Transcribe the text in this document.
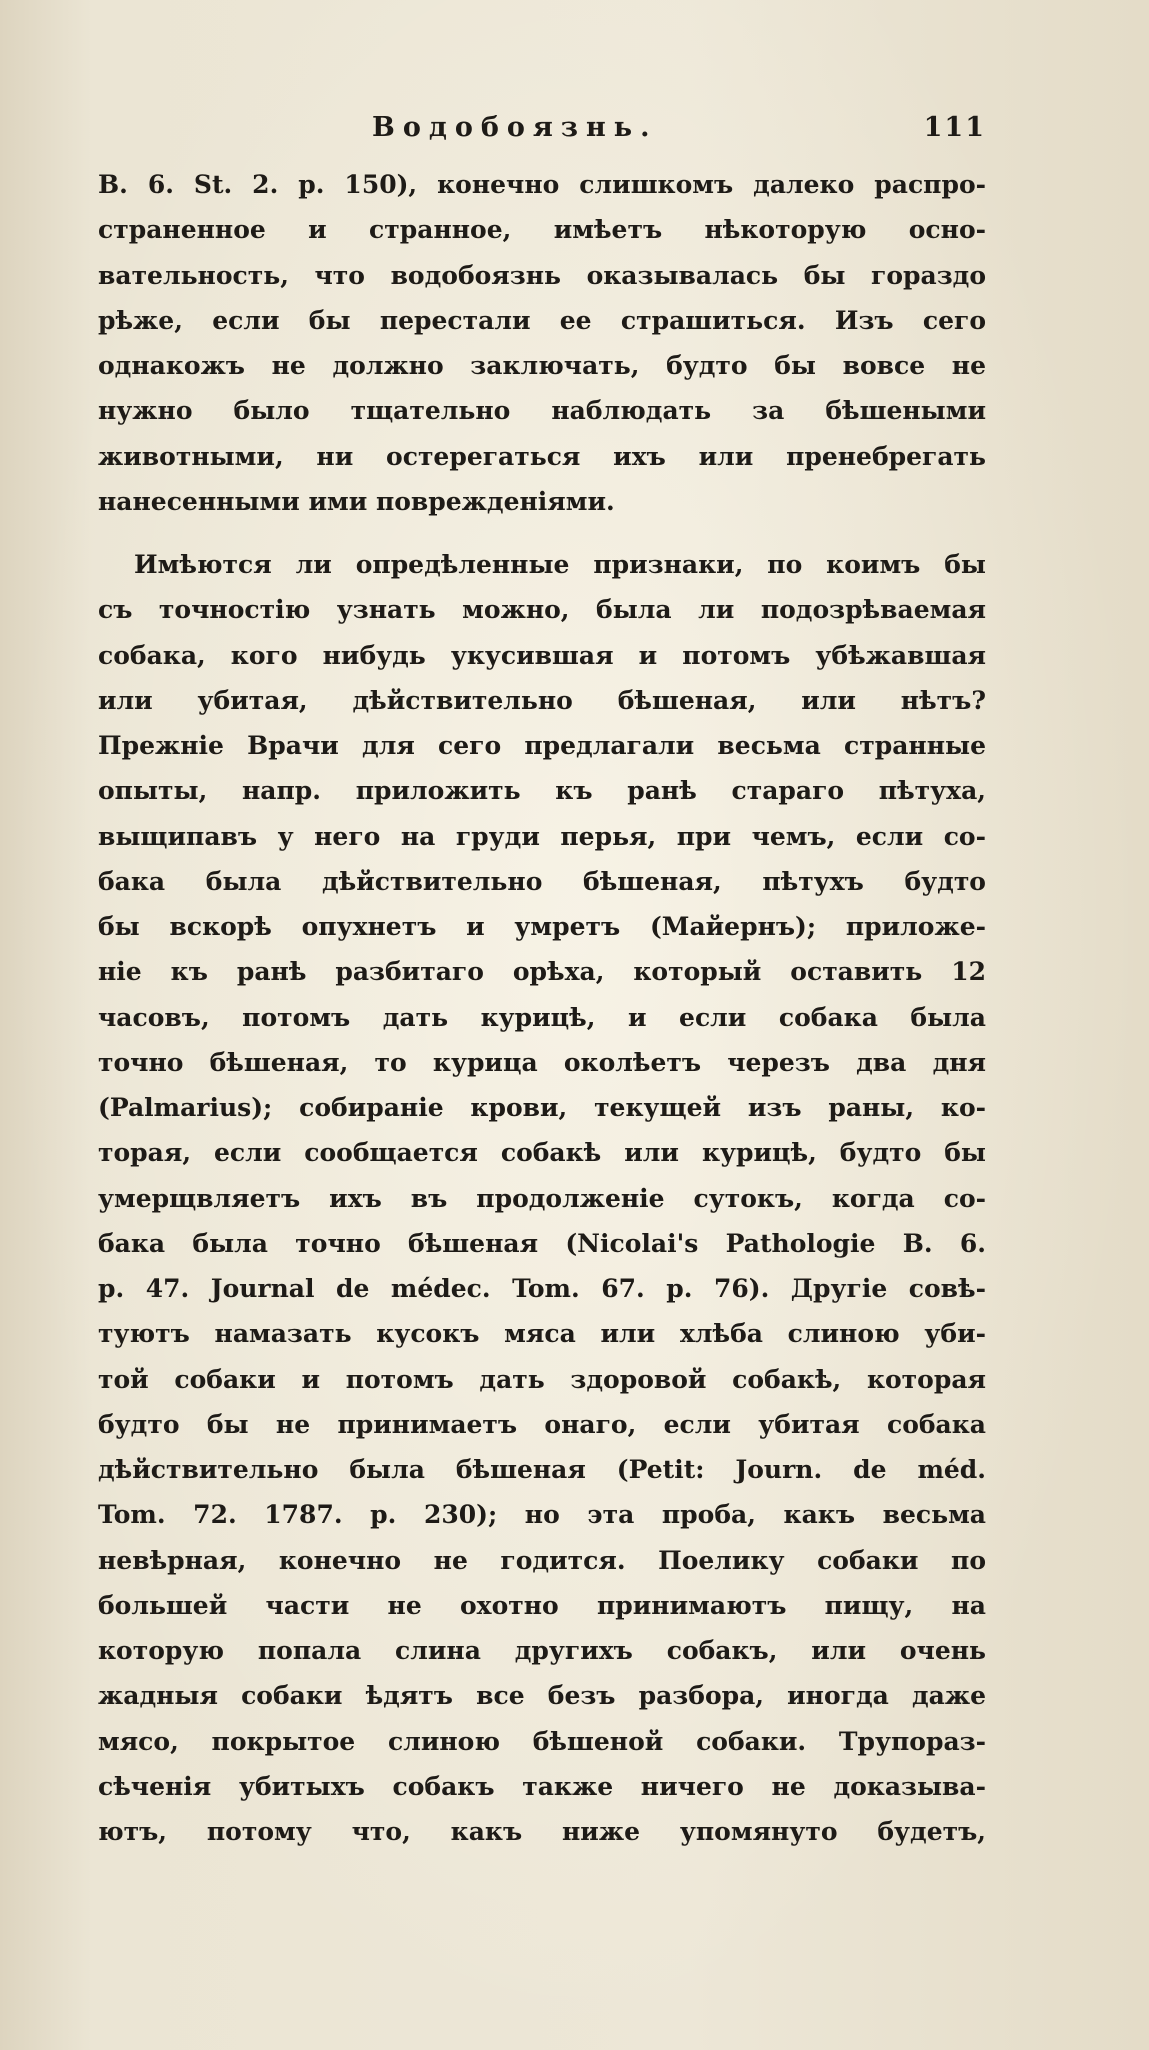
Водобоязнь.	111
B. 6. St. 2. p. 150), конечно слишкомъ далеко распро-
страненное и странное, имѣетъ нѣкоторую осно-
вательность, что водобоязнь оказывалась бы гораздо
рѣже, если бы перестали ее страшиться. Изъ сего
однакожъ не должно заключать, будто бы вовсе не
нужно было тщательно наблюдать за бѣшеными
животными, ни остерегаться ихъ или пренебрегать
нанесенными ими поврежденіями.
Имѣются ли опредѣленные признаки, по коимъ бы
съ точностію узнать можно, была ли подозрѣваемая
собака, кого нибудь укусившая и потомъ убѣжавшая
или убитая, дѣйствительно бѣшеная, или нѣтъ?
Прежніе Врачи для сего предлагали весьма странные
опыты, напр. приложить къ ранѣ стараго пѣтуха,
выщипавъ у него на груди перья, при чемъ, если со-
бака была дѣйствительно бѣшеная, пѣтухъ будто
бы вскорѣ опухнетъ и умретъ (Майернъ); приложе-
ніе къ ранѣ разбитаго орѣха, который оставить 12
часовъ, потомъ дать курицѣ, и если собака была
точно бѣшеная, то курица околѣетъ черезъ два дня
(Palmarius); собираніе крови, текущей изъ раны, ко-
торая, если сообщается собакѣ или курицѣ, будто бы
умерщвляетъ ихъ въ продолженіе сутокъ, когда со-
бака была точно бѣшеная (Nicolai's Pathologie B. 6.
p. 47. Journal de médec. Tom. 67. p. 76). Другіе совѣ-
туютъ намазать кусокъ мяса или хлѣба слиною уби-
той собаки и потомъ дать здоровой собакѣ, которая
будто бы не принимаетъ онаго, если убитая собака
дѣйствительно была бѣшеная (Petit: Journ. de méd.
Tom. 72. 1787. p. 230); но эта проба, какъ весьма
невѣрная, конечно не годится. Поелику собаки по
большей части не охотно принимаютъ пищу, на
которую попала слина другихъ собакъ, или очень
жадныя собаки ѣдятъ все безъ разбора, иногда даже
мясо, покрытое слиною бѣшеной собаки. Трупораз-
сѣченія убитыхъ собакъ также ничего не доказыва-
ютъ, потому что, какъ ниже упомянуто будетъ,
